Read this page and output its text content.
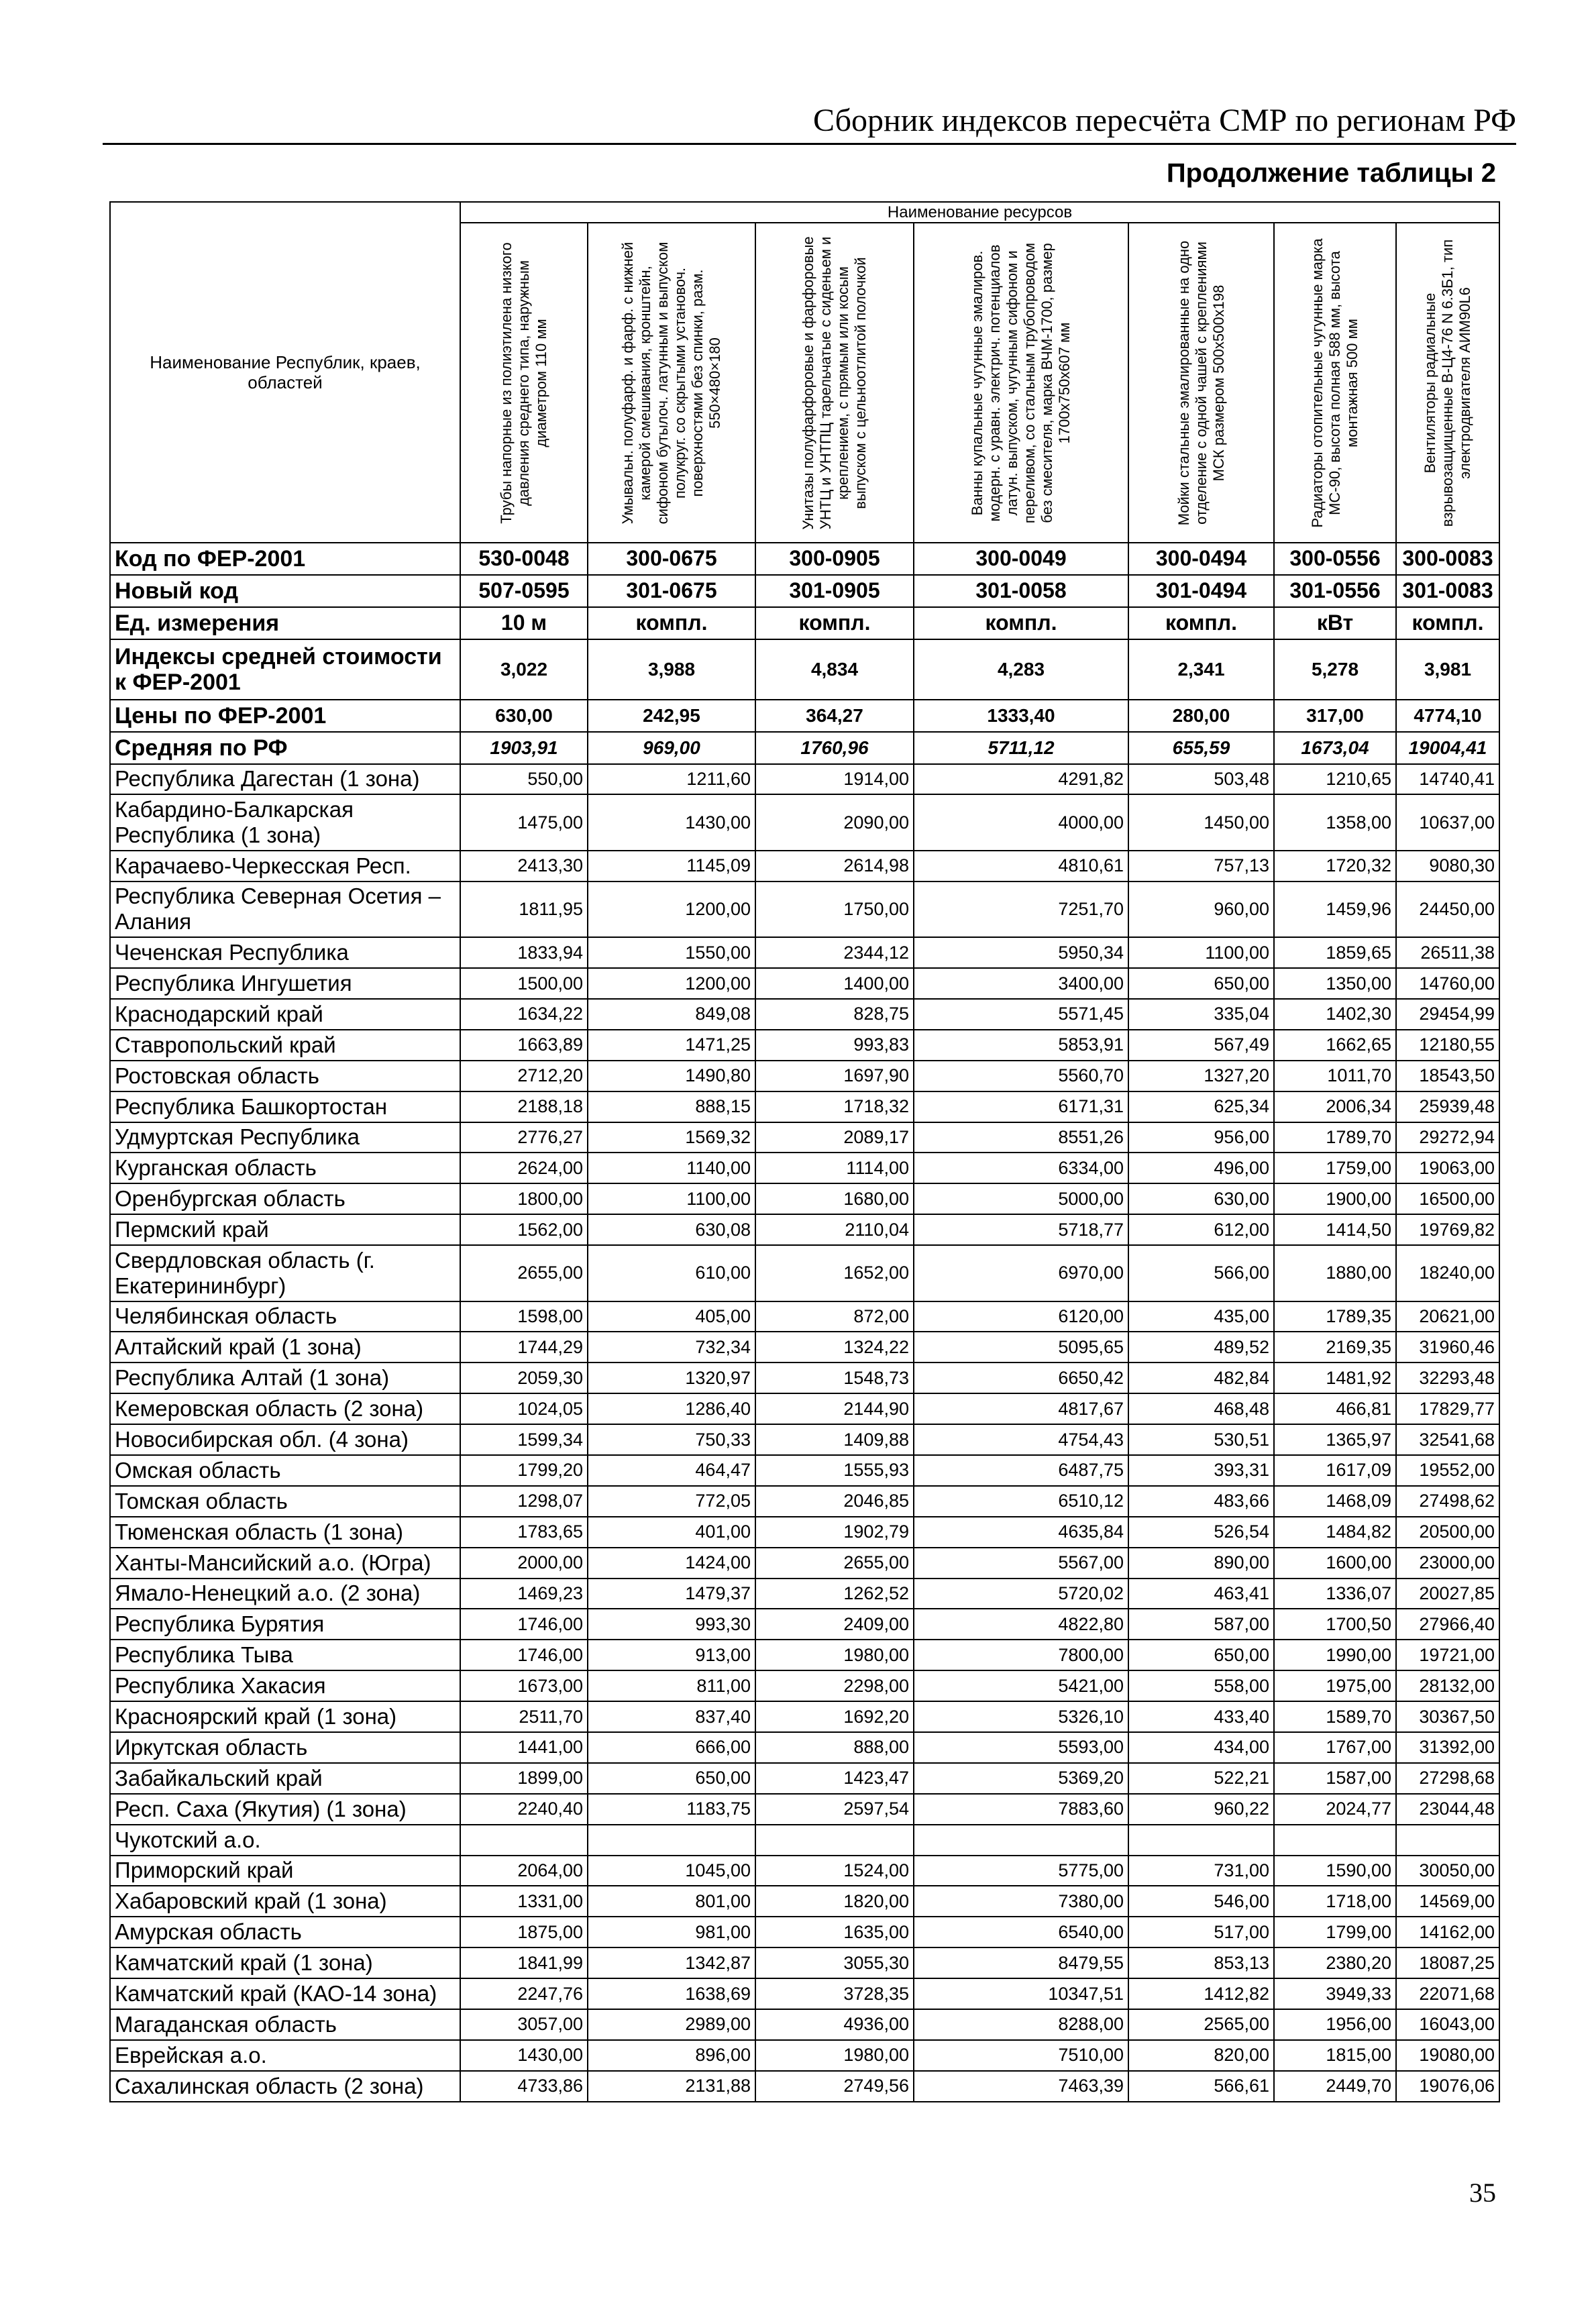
Сборник индексов пересчёта СМР по регионам РФ
Продолжение таблицы 2
Наименование Республик, краев, областей	Наименование ресурсов						

	Трубы напорные из полиэтилена низкого давления среднего типа, наружным диаметром 110 мм	Умывальн. полуфарф. и фарф. с нижней камерой смешивания, кронштейн, сифоном бутылоч. латунным и выпуском полукруг. со скрытыми установоч. поверхностями без спинки, разм. 550×480×180	Унитазы полуфарфоровые и фарфоровые УНТЦ и УНТПЦ тарельчатые с сиденьем и креплением, с прямым или косым выпуском с цельноотлитой полочкой	Ванны купальные чугунные эмалиров. модерн. с уравн. электрич. потенциалов латун. выпуском, чугунным сифоном и переливом, со стальным трубопроводом без смесителя, марка ВЧМ-1700, размер 1700х750х607 мм	Мойки стальные эмалированные на одно отделение с одной чашей с креплениями МСК размером 500х500х198	Радиаторы отопительные чугунные марка МС-90, высота полная 588 мм, высота монтажная 500 мм	Вентиляторы радиальные взрывозащищенные В-Ц4-76 N 6.3Б1, тип электродвигателя АИМ90L6

Код по ФЕР-2001	530-0048	300-0675	300-0905	300-0049	300-0494	300-0556	300-0083
Новый код	507-0595	301-0675	301-0905	301-0058	301-0494	301-0556	301-0083
Ед. измерения	10 м	компл.	компл.	компл.	компл.	кВт	компл.
Индексы средней стоимости к ФЕР-2001	3,022	3,988	4,834	4,283	2,341	5,278	3,981
Цены по ФЕР-2001	630,00	242,95	364,27	1333,40	280,00	317,00	4774,10
Средняя по РФ	1903,91	969,00	1760,96	5711,12	655,59	1673,04	19004,41
Республика Дагестан (1 зона)	550,00	1211,60	1914,00	4291,82	503,48	1210,65	14740,41
Кабардино-Балкарская Республика (1 зона)	1475,00	1430,00	2090,00	4000,00	1450,00	1358,00	10637,00
Карачаево-Черкесская Респ.	2413,30	1145,09	2614,98	4810,61	757,13	1720,32	9080,30
Республика Северная Осетия – Алания	1811,95	1200,00	1750,00	7251,70	960,00	1459,96	24450,00
Чеченская Республика	1833,94	1550,00	2344,12	5950,34	1100,00	1859,65	26511,38
Республика Ингушетия	1500,00	1200,00	1400,00	3400,00	650,00	1350,00	14760,00
Краснодарский край	1634,22	849,08	828,75	5571,45	335,04	1402,30	29454,99
Ставропольский край	1663,89	1471,25	993,83	5853,91	567,49	1662,65	12180,55
Ростовская область	2712,20	1490,80	1697,90	5560,70	1327,20	1011,70	18543,50
Республика Башкортостан	2188,18	888,15	1718,32	6171,31	625,34	2006,34	25939,48
Удмуртская Республика	2776,27	1569,32	2089,17	8551,26	956,00	1789,70	29272,94
Курганская область	2624,00	1140,00	1114,00	6334,00	496,00	1759,00	19063,00
Оренбургская область	1800,00	1100,00	1680,00	5000,00	630,00	1900,00	16500,00
Пермский край	1562,00	630,08	2110,04	5718,77	612,00	1414,50	19769,82
Свердловская область (г. Екатерининбург)	2655,00	610,00	1652,00	6970,00	566,00	1880,00	18240,00
Челябинская область	1598,00	405,00	872,00	6120,00	435,00	1789,35	20621,00
Алтайский край (1 зона)	1744,29	732,34	1324,22	5095,65	489,52	2169,35	31960,46
Республика Алтай (1 зона)	2059,30	1320,97	1548,73	6650,42	482,84	1481,92	32293,48
Кемеровская область (2 зона)	1024,05	1286,40	2144,90	4817,67	468,48	466,81	17829,77
Новосибирская обл. (4 зона)	1599,34	750,33	1409,88	4754,43	530,51	1365,97	32541,68
Омская область	1799,20	464,47	1555,93	6487,75	393,31	1617,09	19552,00
Томская область	1298,07	772,05	2046,85	6510,12	483,66	1468,09	27498,62
Тюменская область (1 зона)	1783,65	401,00	1902,79	4635,84	526,54	1484,82	20500,00
Ханты-Мансийский а.о. (Югра)	2000,00	1424,00	2655,00	5567,00	890,00	1600,00	23000,00
Ямало-Ненецкий а.о. (2 зона)	1469,23	1479,37	1262,52	5720,02	463,41	1336,07	20027,85
Республика Бурятия	1746,00	993,30	2409,00	4822,80	587,00	1700,50	27966,40
Республика Тыва	1746,00	913,00	1980,00	7800,00	650,00	1990,00	19721,00
Республика Хакасия	1673,00	811,00	2298,00	5421,00	558,00	1975,00	28132,00
Красноярский край (1 зона)	2511,70	837,40	1692,20	5326,10	433,40	1589,70	30367,50
Иркутская область	1441,00	666,00	888,00	5593,00	434,00	1767,00	31392,00
Забайкальский край	1899,00	650,00	1423,47	5369,20	522,21	1587,00	27298,68
Респ. Саха (Якутия) (1 зона)	2240,40	1183,75	2597,54	7883,60	960,22	2024,77	23044,48
Чукотский а.о.							
Приморский край	2064,00	1045,00	1524,00	5775,00	731,00	1590,00	30050,00
Хабаровский край (1 зона)	1331,00	801,00	1820,00	7380,00	546,00	1718,00	14569,00
Амурская область	1875,00	981,00	1635,00	6540,00	517,00	1799,00	14162,00
Камчатский край (1 зона)	1841,99	1342,87	3055,30	8479,55	853,13	2380,20	18087,25
Камчатский край (КАО-14 зона)	2247,76	1638,69	3728,35	10347,51	1412,82	3949,33	22071,68
Магаданская область	3057,00	2989,00	4936,00	8288,00	2565,00	1956,00	16043,00
Еврейская а.о.	1430,00	896,00	1980,00	7510,00	820,00	1815,00	19080,00
Сахалинская область (2 зона)	4733,86	2131,88	2749,56	7463,39	566,61	2449,70	19076,06
35
